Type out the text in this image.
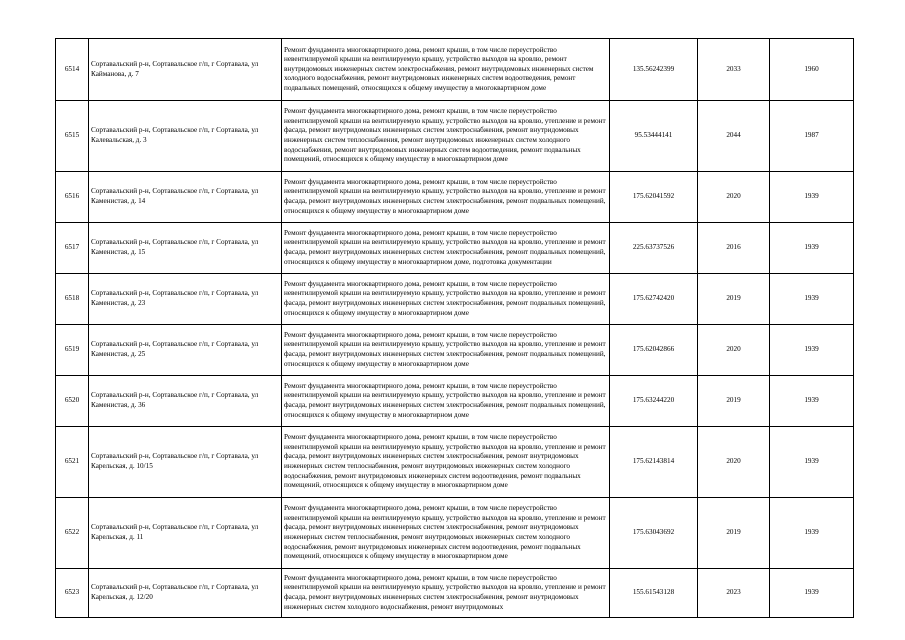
6514	Сортавальский р-н, Сортавальское г/п, г Сортавала, ул Каймановa, д. 7	Ремонт фундамента многоквартирного дома, ремонт крыши, в том числе переустройство невентилируемой крыши на вентилируемую крышу, устройство выходов на кровлю, ремонт внутридомовых инженерных систем электроснабжения, ремонт внутридомовых инженерных систем холодного водоснабжения, ремонт внутридомовых инженерных систем водоотведения, ремонт подвальных помещений, относящихся к общему имуществу в многоквартирном доме	135.56242399	2033	1960
6515	Сортавальский р-н, Сортавальское г/п, г Сортавала, ул Калевальская, д. 3	Ремонт фундамента многоквартирного дома, ремонт крыши, в том числе переустройство невентилируемой крыши на вентилируемую крышу, устройство выходов на кровлю, утепление и ремонт фасада, ремонт внутридомовых инженерных систем электроснабжения, ремонт внутридомовых инженерных систем теплоснабжения, ремонт внутридомовых инженерных систем холодного водоснабжения, ремонт внутридомовых инженерных систем водоотведения, ремонт подвальных помещений, относящихся к общему имуществу в многоквартирном доме	95.53444141	2044	1987
6516	Сортавальский р-н, Сортавальское г/п, г Сортавала, ул Каменистая, д. 14	Ремонт фундамента многоквартирного дома, ремонт крыши, в том числе переустройство невентилируемой крыши на вентилируемую крышу, устройство выходов на кровлю, утепление и ремонт фасада, ремонт внутридомовых инженерных систем электроснабжения, ремонт подвальных помещений, относящихся к общему имуществу в многоквартирном доме	175.62041592	2020	1939
6517	Сортавальский р-н, Сортавальское г/п, г Сортавала, ул Каменистая, д. 15	Ремонт фундамента многоквартирного дома, ремонт крыши, в том числе переустройство невентилируемой крыши на вентилируемую крышу, устройство выходов на кровлю, утепление и ремонт фасада, ремонт внутридомовых инженерных систем электроснабжения, ремонт подвальных помещений, относящихся к общему имуществу в многоквартирном доме, подготовка документации	225.63737526	2016	1939
6518	Сортавальский р-н, Сортавальское г/п, г Сортавала, ул Каменистая, д. 23	Ремонт фундамента многоквартирного дома, ремонт крыши, в том числе переустройство невентилируемой крыши на вентилируемую крышу, устройство выходов на кровлю, утепление и ремонт фасада, ремонт внутридомовых инженерных систем электроснабжения, ремонт подвальных помещений, относящихся к общему имуществу в многоквартирном доме	175.62742420	2019	1939
6519	Сортавальский р-н, Сортавальское г/п, г Сортавала, ул Каменистая, д. 25	Ремонт фундамента многоквартирного дома, ремонт крыши, в том числе переустройство невентилируемой крыши на вентилируемую крышу, устройство выходов на кровлю, утепление и ремонт фасада, ремонт внутридомовых инженерных систем электроснабжения, ремонт подвальных помещений, относящихся к общему имуществу в многоквартирном доме	175.62042866	2020	1939
6520	Сортавальский р-н, Сортавальское г/п, г Сортавала, ул Каменистая, д. 36	Ремонт фундамента многоквартирного дома, ремонт крыши, в том числе переустройство невентилируемой крыши на вентилируемую крышу, устройство выходов на кровлю, утепление и ремонт фасада, ремонт внутридомовых инженерных систем электроснабжения, ремонт подвальных помещений, относящихся к общему имуществу в многоквартирном доме	175.63244220	2019	1939
6521	Сортавальский р-н, Сортавальское г/п, г Сортавала, ул Карельская, д. 10/15	Ремонт фундамента многоквартирного дома, ремонт крыши, в том числе переустройство невентилируемой крыши на вентилируемую крышу, устройство выходов на кровлю, утепление и ремонт фасада, ремонт внутридомовых инженерных систем электроснабжения, ремонт внутридомовых инженерных систем теплоснабжения, ремонт внутридомовых инженерных систем холодного водоснабжения, ремонт внутридомовых инженерных систем водоотведения, ремонт подвальных помещений, относящихся к общему имуществу в многоквартирном доме	175.62143814	2020	1939
6522	Сортавальский р-н, Сортавальское г/п, г Сортавала, ул Карельская, д. 11	Ремонт фундамента многоквартирного дома, ремонт крыши, в том числе переустройство невентилируемой крыши на вентилируемую крышу, устройство выходов на кровлю, утепление и ремонт фасада, ремонт внутридомовых инженерных систем электроснабжения, ремонт внутридомовых инженерных систем теплоснабжения, ремонт внутридомовых инженерных систем холодного водоснабжения, ремонт внутридомовых инженерных систем водоотведения, ремонт подвальных помещений, относящихся к общему имуществу в многоквартирном доме	175.63043692	2019	1939
6523	Сортавальский р-н, Сортавальское г/п, г Сортавала, ул Карельская, д. 12/20	Ремонт фундамента многоквартирного дома, ремонт крыши, в том числе переустройство невентилируемой крыши на вентилируемую крышу, устройство выходов на кровлю, утепление и ремонт фасада, ремонт внутридомовых инженерных систем электроснабжения, ремонт внутридомовых инженерных систем холодного водоснабжения, ремонт внутридомовых	155.61543128	2023	1939
